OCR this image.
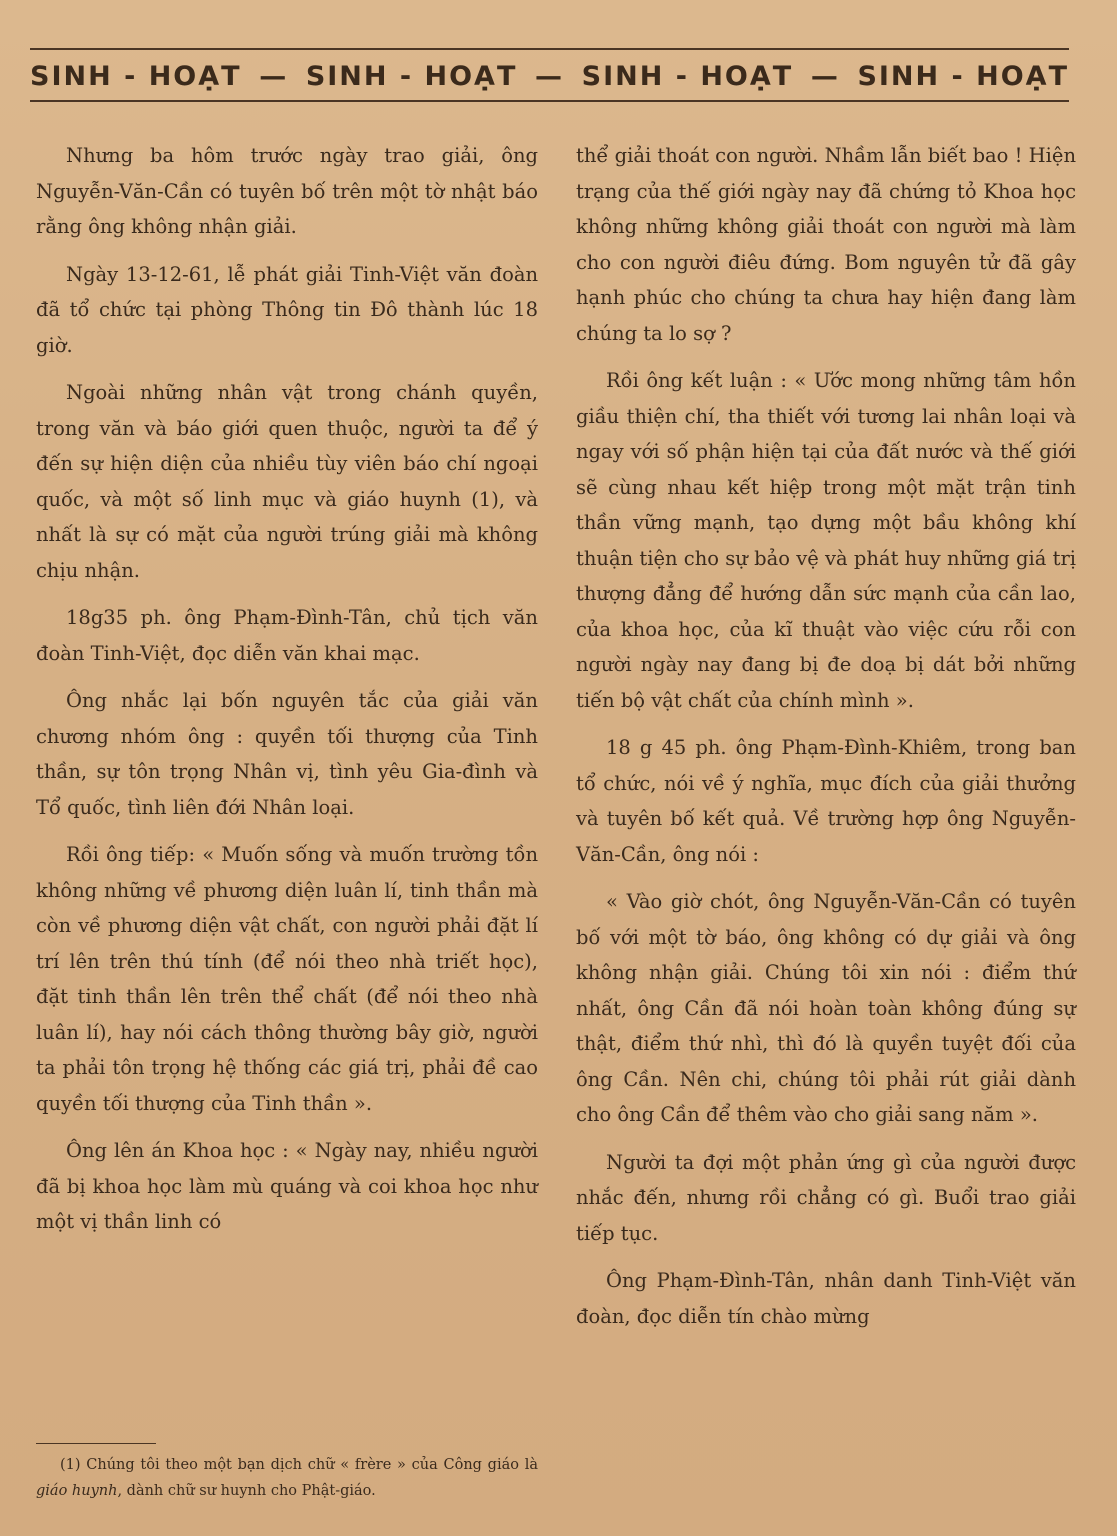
SINH - HOẠT — SINH - HOẠT — SINH - HOẠT — SINH - HOẠT

Nhưng ba hôm trước ngày trao giải, ông Nguyễn-Văn-Cần có tuyên bố trên một tờ nhật báo rằng ông không nhận giải.

Ngày 13-12-61, lễ phát giải Tinh-Việt văn đoàn đã tổ chức tại phòng Thông tin Đô thành lúc 18 giờ.

Ngoài những nhân vật trong chánh quyền, trong văn và báo giới quen thuộc, người ta để ý đến sự hiện diện của nhiều tùy viên báo chí ngoại quốc, và một số linh mục và giáo huynh (1), và nhất là sự có mặt của người trúng giải mà không chịu nhận.

18g35 ph. ông Phạm-Đình-Tân, chủ tịch văn đoàn Tinh-Việt, đọc diễn văn khai mạc.

Ông nhắc lại bốn nguyên tắc của giải văn chương nhóm ông : quyền tối thượng của Tinh thần, sự tôn trọng Nhân vị, tình yêu Gia-đình và Tổ quốc, tình liên đới Nhân loại.

Rồi ông tiếp: « Muốn sống và muốn trường tồn không những về phương diện luân lí, tinh thần mà còn về phương diện vật chất, con người phải đặt lí trí lên trên thú tính (để nói theo nhà triết học), đặt tinh thần lên trên thể chất (để nói theo nhà luân lí), hay nói cách thông thường bây giờ, người ta phải tôn trọng hệ thống các giá trị, phải đề cao quyền tối thượng của Tinh thần ».

Ông lên án Khoa học : « Ngày nay, nhiều người đã bị khoa học làm mù quáng và coi khoa học như một vị thần linh có

(1) Chúng tôi theo một bạn dịch chữ « frère » của Công giáo là giáo huynh, dành chữ sư huynh cho Phật-giáo.

thể giải thoát con người. Nhầm lẫn biết bao ! Hiện trạng của thế giới ngày nay đã chứng tỏ Khoa học không những không giải thoát con người mà làm cho con người điêu đứng. Bom nguyên tử đã gây hạnh phúc cho chúng ta chưa hay hiện đang làm chúng ta lo sợ ?

Rồi ông kết luận : « Ước mong những tâm hồn giầu thiện chí, tha thiết với tương lai nhân loại và ngay với số phận hiện tại của đất nước và thế giới sẽ cùng nhau kết hiệp trong một mặt trận tinh thần vững mạnh, tạo dựng một bầu không khí thuận tiện cho sự bảo vệ và phát huy những giá trị thượng đẳng để hướng dẫn sức mạnh của cần lao, của khoa học, của kĩ thuật vào việc cứu rỗi con người ngày nay đang bị đe doạ bị dát bởi những tiến bộ vật chất của chính mình ».

18 g 45 ph. ông Phạm-Đình-Khiêm, trong ban tổ chức, nói về ý nghĩa, mục đích của giải thưởng và tuyên bố kết quả. Về trường hợp ông Nguyễn-Văn-Cần, ông nói :

« Vào giờ chót, ông Nguyễn-Văn-Cần có tuyên bố với một tờ báo, ông không có dự giải và ông không nhận giải. Chúng tôi xin nói : điểm thứ nhất, ông Cần đã nói hoàn toàn không đúng sự thật, điểm thứ nhì, thì đó là quyền tuyệt đối của ông Cần. Nên chi, chúng tôi phải rút giải dành cho ông Cần để thêm vào cho giải sang năm ».

Người ta đợi một phản ứng gì của người được nhắc đến, nhưng rồi chẳng có gì. Buổi trao giải tiếp tục.

Ông Phạm-Đình-Tân, nhân danh Tinh-Việt văn đoàn, đọc diễn tín chào mừng
